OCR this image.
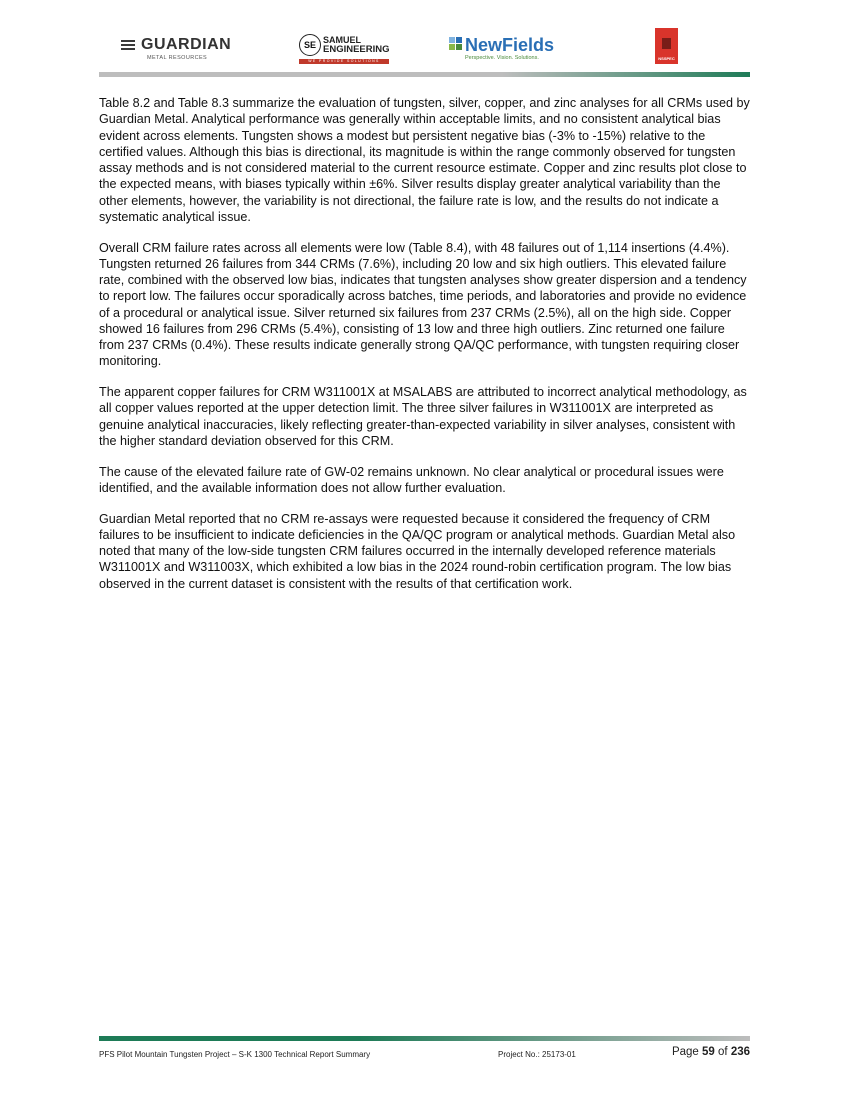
GUARDIAN
METAL RESOURCES
SE
SAMUEL
ENGINEERING
WE PROVIDE SOLUTIONS
NewFields
Perspective. Vision. Solutions.	NSSPEC

Table 8.2 and Table 8.3 summarize the evaluation of tungsten, silver, copper, and zinc analyses for all CRMs used by Guardian Metal. Analytical performance was generally within acceptable limits, and no consistent analytical bias evident across elements. Tungsten shows a modest but persistent negative bias (-3% to -15%) relative to the certified values. Although this bias is directional, its magnitude is within the range commonly observed for tungsten assay methods and is not considered material to the current resource estimate. Copper and zinc results plot close to the expected means, with biases typically within ±6%. Silver results display greater analytical variability than the other elements, however, the variability is not directional, the failure rate is low, and the results do not indicate a systematic analytical issue.

Overall CRM failure rates across all elements were low (Table 8.4), with 48 failures out of 1,114 insertions (4.4%). Tungsten returned 26 failures from 344 CRMs (7.6%), including 20 low and six high outliers. This elevated failure rate, combined with the observed low bias, indicates that tungsten analyses show greater dispersion and a tendency to report low. The failures occur sporadically across batches, time periods, and laboratories and provide no evidence of a procedural or analytical issue. Silver returned six failures from 237 CRMs (2.5%), all on the high side. Copper showed 16 failures from 296 CRMs (5.4%), consisting of 13 low and three high outliers. Zinc returned one failure from 237 CRMs (0.4%). These results indicate generally strong QA/QC performance, with tungsten requiring closer monitoring.

The apparent copper failures for CRM W311001X at MSALABS are attributed to incorrect analytical methodology, as all copper values reported at the upper detection limit. The three silver failures in W311001X are interpreted as genuine analytical inaccuracies, likely reflecting greater-than-expected variability in silver analyses, consistent with the higher standard deviation observed for this CRM.

The cause of the elevated failure rate of GW-02 remains unknown. No clear analytical or procedural issues were identified, and the available information does not allow further evaluation.

Guardian Metal reported that no CRM re-assays were requested because it considered the frequency of CRM failures to be insufficient to indicate deficiencies in the QA/QC program or analytical methods. Guardian Metal also noted that many of the low-side tungsten CRM failures occurred in the internally developed reference materials W311001X and W311003X, which exhibited a low bias in the 2024 round-robin certification program. The low bias observed in the current dataset is consistent with the results of that certification work.

PFS Pilot Mountain Tungsten Project – S-K 1300 Technical Report Summary	Project No.: 25173-01	Page 59 of 236
